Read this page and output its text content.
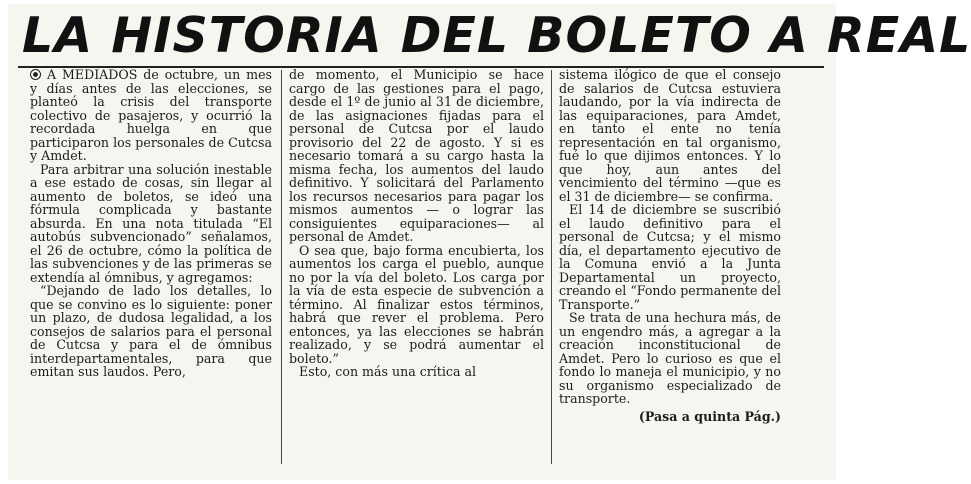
LA HISTORIA DEL BOLETO A REAL

A MEDIADOS de octubre, un mes y días antes de las elecciones, se planteó la crisis del transporte colectivo de pasajeros, y ocurrió la recordada huelga en que participaron los personales de Cutcsa y Amdet.

Para arbitrar una solución inestable a ese estado de cosas, sin llegar al aumento de boletos, se ideó una fórmula complicada y bastante absurda. En una nota titulada “El autobús subvencionado” señalamos, el 26 de octubre, cómo la política de las subvenciones y de las primeras se extendía al ómnibus, y agregamos:

“Dejando de lado los detalles, lo que se convino es lo siguiente: poner un plazo, de dudosa legalidad, a los consejos de salarios para el personal de Cutcsa y para el de ómnibus interdepartamentales, para que emitan sus laudos. Pero,

de momento, el Municipio se hace cargo de las gestiones para el pago, desde el 1º de junio al 31 de diciembre, de las asignaciones fijadas para el personal de Cutcsa por el laudo provisorio del 22 de agosto. Y si es necesario tomará a su cargo hasta la misma fecha, los aumentos del laudo definitivo. Y solicitará del Parlamento los recursos necesarios para pagar los mismos aumentos — o lograr las consiguientes equiparaciones— al personal de Amdet.

O sea que, bajo forma encubierta, los aumentos los carga el pueblo, aunque no por la vía del boleto. Los carga por la vía de esta especie de subvención a término. Al finalizar estos términos, habrá que rever el problema. Pero entonces, ya las elecciones se habrán realizado, y se podrá aumentar el boleto.”

Esto, con más una crítica al

sistema ilógico de que el consejo de salarios de Cutcsa estuviera laudando, por la vía indirecta de las equiparaciones, para Amdet, en tanto el ente no tenía representación en tal organismo, fué lo que dijimos entonces. Y lo que hoy, aun antes del vencimiento del término —que es el 31 de diciembre— se confirma.

El 14 de diciembre se suscribió el laudo definitivo para el personal de Cutcsa; y el mismo día, el departamento ejecutivo de la Comuna envió a la Junta Departamental un proyecto, creando el “Fondo permanente del Transporte.”

Se trata de una hechura más, de un engendro más, a agregar a la creación inconstitucional de Amdet. Pero lo curioso es que el fondo lo maneja el municipio, y no su organismo especializado de transporte.

(Pasa a quinta Pág.)
